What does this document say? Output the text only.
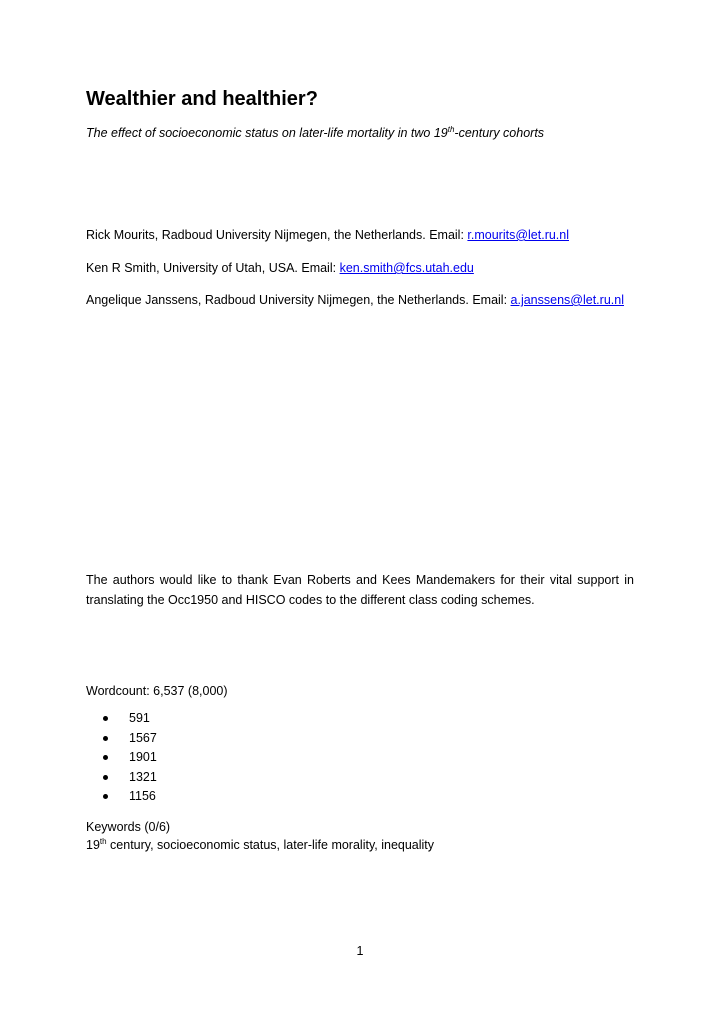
Wealthier and healthier?
The effect of socioeconomic status on later-life mortality in two 19th-century cohorts
Rick Mourits, Radboud University Nijmegen, the Netherlands. Email: r.mourits@let.ru.nl
Ken R Smith, University of Utah, USA. Email: ken.smith@fcs.utah.edu
Angelique Janssens, Radboud University Nijmegen, the Netherlands. Email: a.janssens@let.ru.nl
The authors would like to thank Evan Roberts and Kees Mandemakers for their vital support in translating the Occ1950 and HISCO codes to the different class coding schemes.
Wordcount: 6,537 (8,000)
591
1567
1901
1321
1156
Keywords (0/6)
19th century, socioeconomic status, later-life morality, inequality
1
